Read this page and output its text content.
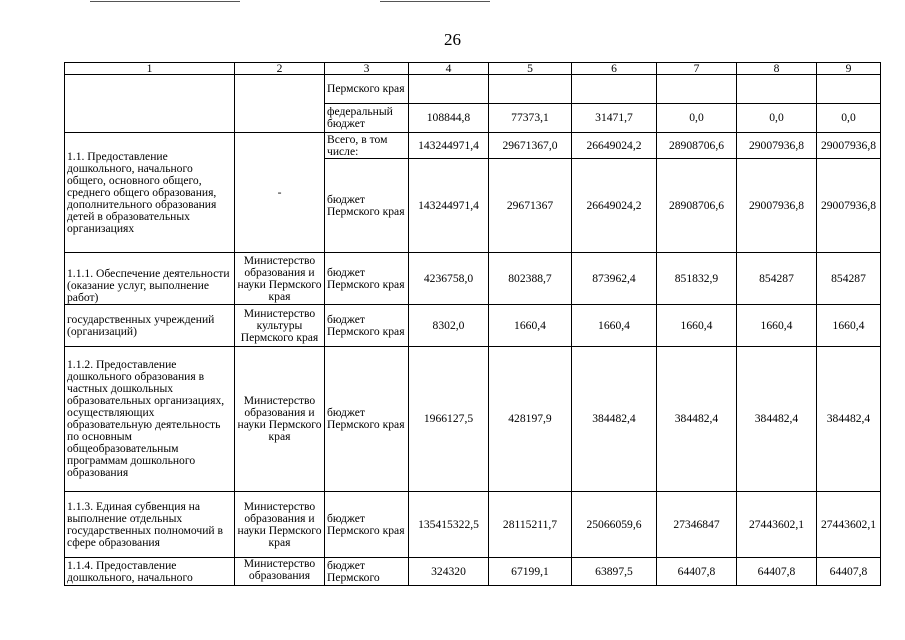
26
1	2	3	4	5	6	7	8	9
		Пермского края						
		федеральный бюджет	108844,8	77373,1	31471,7	0,0	0,0	0,0
1.1. Предоставление дошкольного, начального общего, основного общего, среднего общего образования, дополнительного образования детей в образовательных организациях	-	Всего, в том числе:	143244971,4	29671367,0	26649024,2	28908706,6	29007936,8	29007936,8
		бюджет Пермского края	143244971,4	29671367	26649024,2	28908706,6	29007936,8	29007936,8
1.1.1. Обеспечение деятельности (оказание услуг, выполнение работ)	Министерство образования и науки Пермского края	бюджет Пермского края	4236758,0	802388,7	873962,4	851832,9	854287	854287
государственных учреждений (организаций)	Министерство культуры Пермского края	бюджет Пермского края	8302,0	1660,4	1660,4	1660,4	1660,4	1660,4
1.1.2. Предоставление дошкольного образования в частных дошкольных образовательных организациях, осуществляющих образовательную деятельность по основным общеобразовательным программам дошкольного образования	Министерство образования и науки Пермского края	бюджет Пермского края	1966127,5	428197,9	384482,4	384482,4	384482,4	384482,4
1.1.3. Единая субвенция на выполнение отдельных государственных полномочий в сфере образования	Министерство образования и науки Пермского края	бюджет Пермского края	135415322,5	28115211,7	25066059,6	27346847	27443602,1	27443602,1
1.1.4. Предоставление дошкольного, начального	Министерство образования	бюджет Пермского	324320	67199,1	63897,5	64407,8	64407,8	64407,8
